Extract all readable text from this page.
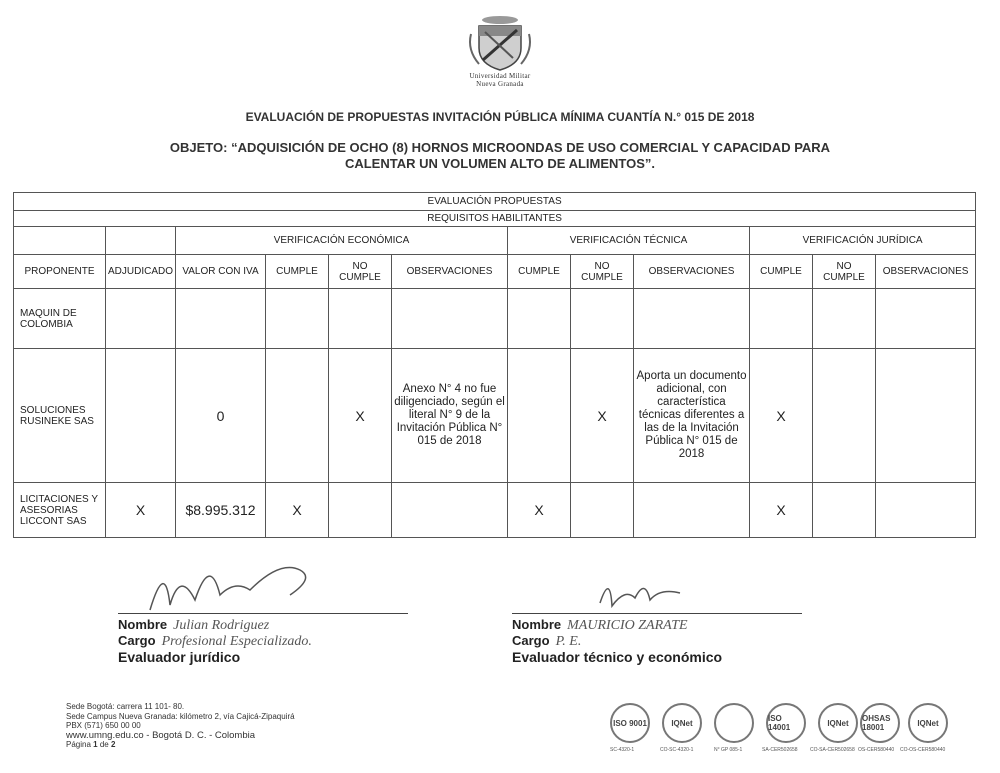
Universidad Militar
Nueva Granada
EVALUACIÓN DE PROPUESTAS INVITACIÓN PÚBLICA MÍNIMA CUANTÍA N.° 015 DE 2018
OBJETO: “ADQUISICIÓN DE OCHO (8) HORNOS MICROONDAS DE USO COMERCIAL Y CAPACIDAD PARA
CALENTAR UN VOLUMEN ALTO DE ALIMENTOS”.
EVALUACIÓN PROPUESTAS											
REQUISITOS HABILITANTES											
		VERIFICACIÓN ECONÓMICA				VERIFICACIÓN TÉCNICA			VERIFICACIÓN JURÍDICA		
PROPONENTE	ADJUDICADO	VALOR CON IVA	CUMPLE	NO CUMPLE	OBSERVACIONES	CUMPLE	NO CUMPLE	OBSERVACIONES	CUMPLE	NO CUMPLE	OBSERVACIONES
MAQUIN DE COLOMBIA											
SOLUCIONES RUSINEKE SAS		0		X	Anexo N° 4 no fue diligenciado, según el literal N° 9 de la Invitación Pública N° 015 de 2018		X	Aporta un documento adicional, con característica técnicas diferentes a las de la Invitación Pública N° 015 de 2018	X		
LICITACIONES Y ASESORIAS LICCONT SAS	X	$8.995.312	X			X			X		
Nombre Julian Rodriguez
Cargo Profesional Especializado.
Evaluador jurídico
Nombre MAURICIO ZARATE
Cargo P. E.
Evaluador técnico y económico
Sede Bogotá: carrera 11 101- 80.
Sede Campus Nueva Granada: kilómetro 2, vía Cajicá-Zipaquirá
PBX (571) 650 00 00
www.umng.edu.co - Bogotá D. C. - Colombia
Página 1 de 2
ISO 9001
SC-4320-1
IQNet
CO-SC-4320-1	N° GP 085-1
ISO 14001
SA-CER502658
IQNet
CO-SA-CER502658
OHSAS 18001
OS-CER580440
IQNet
CO-OS-CER580440
